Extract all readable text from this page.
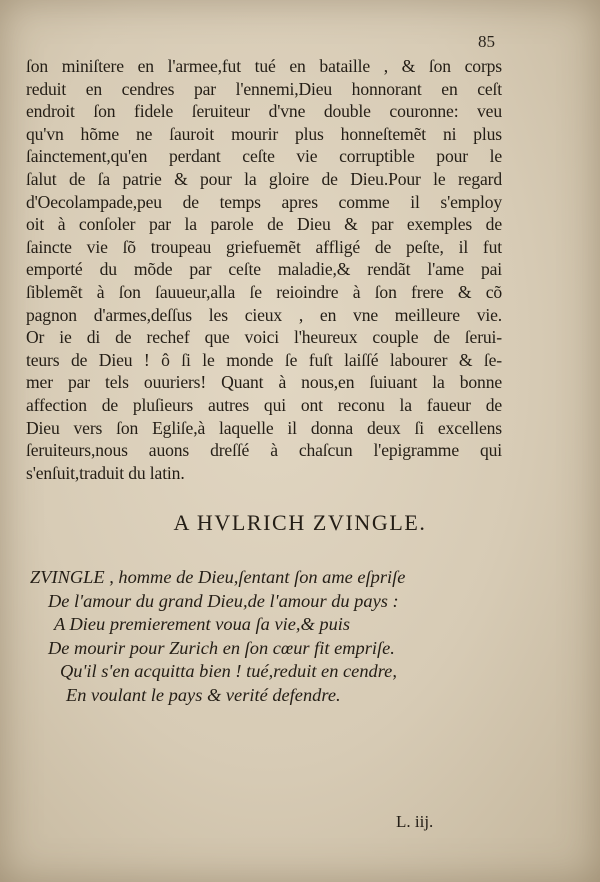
85
ſon miniſtere en l'armee,fut tué en bataille , & ſon corps
reduit en cendres par l'ennemi,Dieu honnorant en ceſt
endroit ſon fidele ſeruiteur d'vne double couronne: veu
qu'vn hõme ne ſauroit mourir plus honneſtemẽt ni plus
ſainctement,qu'en perdant ceſte vie corruptible pour le
ſalut de ſa patrie & pour la gloire de Dieu.Pour le regard
d'Oecolampade,peu de temps apres comme il s'employ
oit à conſoler par la parole de Dieu & par exemples de
ſaincte vie ſõ troupeau griefuemẽt affligé de peſte, il fut
emporté du mõde par ceſte maladie,& rendãt l'ame pai
ſiblemẽt à ſon ſauueur,alla ſe reioindre à ſon frere & cõ
pagnon d'armes,deſſus les cieux , en vne meilleure vie.
Or ie di de rechef que voici l'heureux couple de ſerui-
teurs de Dieu ! ô ſi le monde ſe fuſt laiſſé labourer & ſe-
mer par tels ouuriers! Quant à nous,en ſuiuant la bonne
affection de pluſieurs autres qui ont reconu la faueur de
Dieu vers ſon Egliſe,à laquelle il donna deux ſi excellens
ſeruiteurs,nous auons dreſſé à chaſcun l'epigramme qui
s'enſuit,traduit du latin.
A HVLRICH ZVINGLE.
ZVINGLE , homme de Dieu,ſentant ſon ame eſpriſe
De l'amour du grand Dieu,de l'amour du pays :
A Dieu premierement voua ſa vie,& puis
De mourir pour Zurich en ſon cœur fit empriſe.
Qu'il s'en acquitta bien ! tué,reduit en cendre,
En voulant le pays & verité defendre.
L. iij.
